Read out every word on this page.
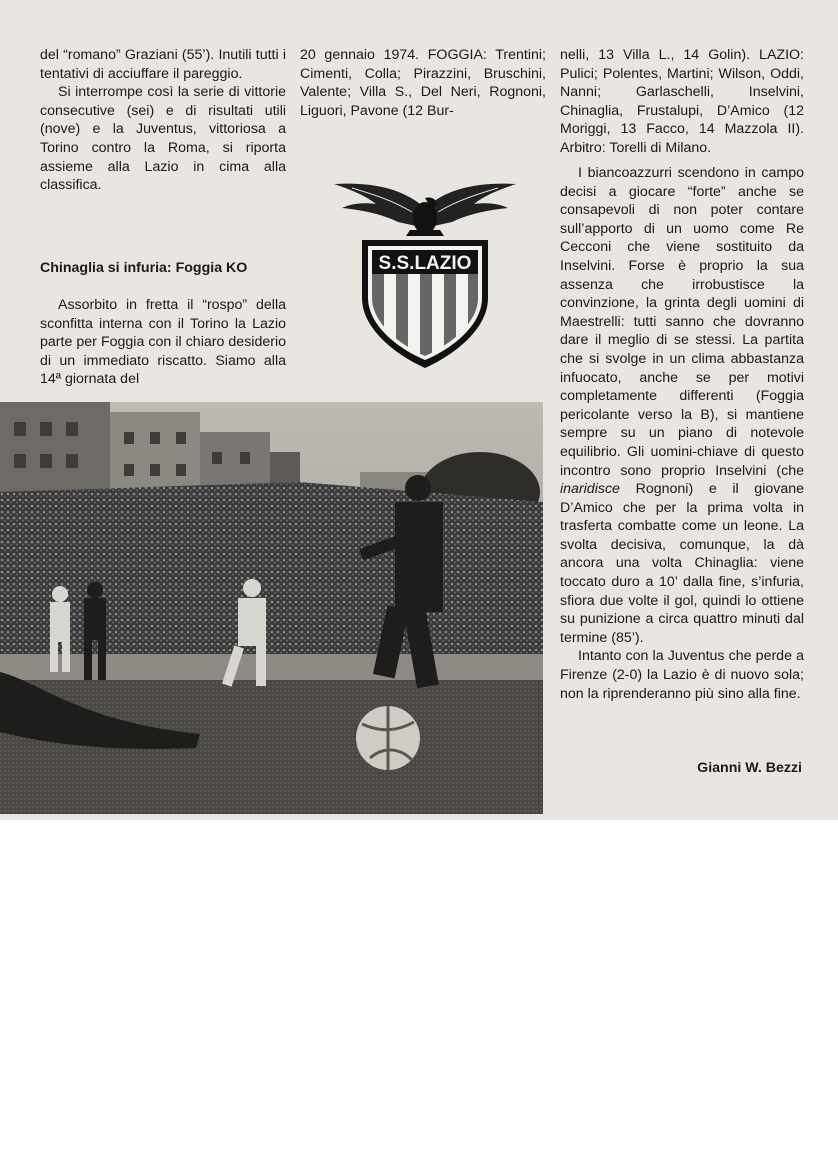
del “romano” Graziani (55’). Inutili tutti i tentativi di acciuffare il pareggio.

Si interrompe così la serie di vittorie consecutive (sei) e di risultati utili (nove) e la Juventus, vittoriosa a Torino contro la Roma, si riporta assieme alla Lazio in cima alla classifica.

Chinaglia si infuria: Foggia KO

Assorbito in fretta il “rospo” della sconfitta interna con il Torino la Lazio parte per Foggia con il chiaro desiderio di un immediato riscatto. Siamo alla 14ª giornata del

20 gennaio 1974. FOGGIA: Trentini; Cimenti, Colla; Pirazzini, Bruschini, Valente; Villa S., Del Neri, Rognoni, Liguori, Pavone (12 Bur-

nelli, 13 Villa L., 14 Golin). LAZIO: Pulici; Polentes, Martini; Wilson, Oddi, Nanni; Garlaschelli, Inselvini, Chinaglia, Frustalupi, D’Amico (12 Moriggi, 13 Facco, 14 Mazzola II). Arbitro: Torelli di Milano.

I biancoazzurri scendono in campo decisi a giocare “forte” anche se consapevoli di non poter contare sull’apporto di un uomo come Re Cecconi che viene sostituito da Inselvini. Forse è proprio la sua assenza che irrobustisce la convinzione, la grinta degli uomini di Maestrelli: tutti sanno che dovranno dare il meglio di se stessi. La partita che si svolge in un clima abbastanza infuocato, anche se per motivi completamente differenti (Foggia pericolante verso la B), si mantiene sempre su un piano di notevole equilibrio. Gli uomini-chiave di questo incontro sono proprio Inselvini (che inaridisce Rognoni) e il giovane D’Amico che per la prima volta in trasferta combatte come un leone. La svolta decisiva, comunque, la dà ancora una volta Chinaglia: viene toccato duro a 10’ dalla fine, s’infuria, sfiora due volte il gol, quindi lo ottiene su punizione a circa quattro minuti dal termine (85’).

Intanto con la Juventus che perde a Firenze (2-0) la Lazio è di nuovo sola; non la riprenderanno più sino alla fine.

Gianni W. Bezzi
S.S.LAZIO
